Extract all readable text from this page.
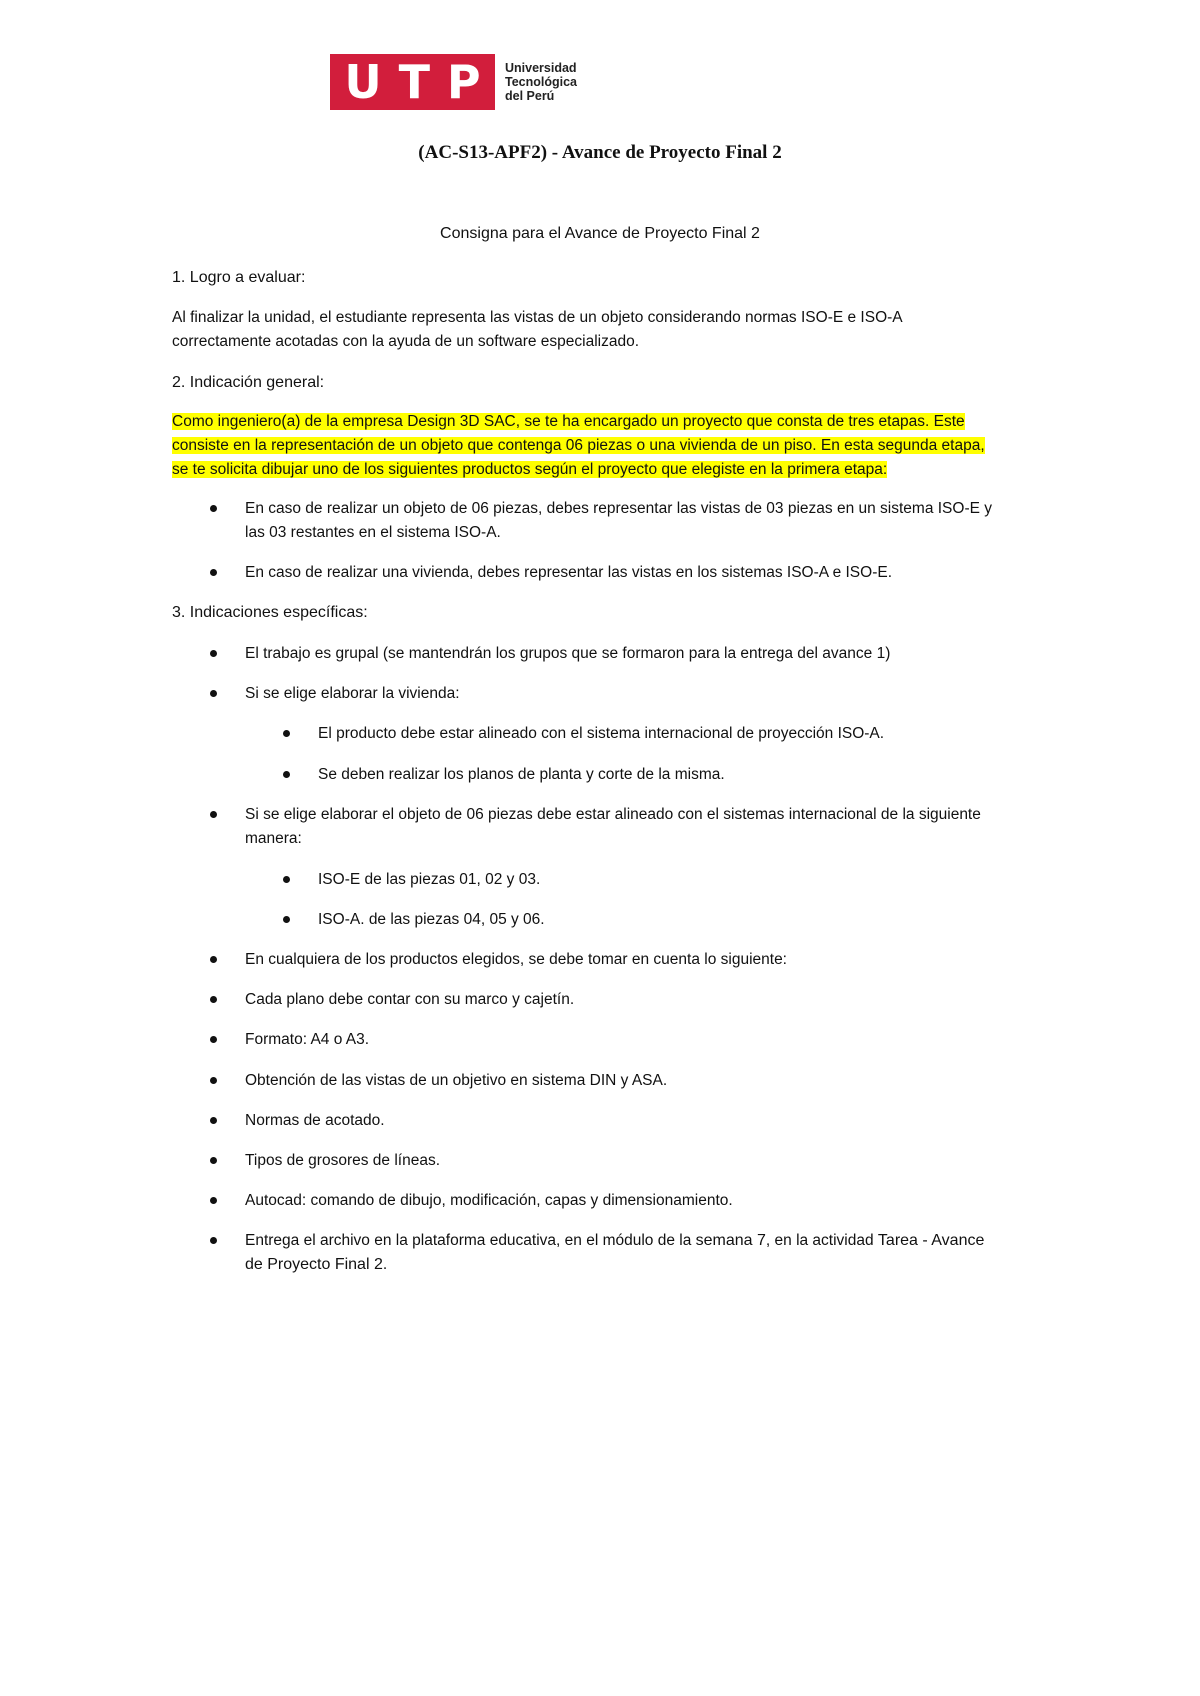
U T P Universidad
Tecnológica
del Perú
(AC-S13-APF2) - Avance de Proyecto Final 2
Consigna para el Avance de Proyecto Final 2
1. Logro a evaluar:
Al finalizar la unidad, el estudiante representa las vistas de un objeto considerando normas ISO-E e ISO-A
correctamente acotadas con la ayuda de un software especializado.
2. Indicación general:
Como ingeniero(a) de la empresa Design 3D SAC, se te ha encargado un proyecto que consta de tres etapas. Este
consiste en la representación de un objeto que contenga 06 piezas o una vivienda de un piso. En esta segunda etapa,
se te solicita dibujar uno de los siguientes productos según el proyecto que elegiste en la primera etapa:
En caso de realizar un objeto de 06 piezas, debes representar las vistas de 03 piezas en un sistema ISO-E y
las 03 restantes en el sistema ISO-A.
En caso de realizar una vivienda, debes representar las vistas en los sistemas ISO-A e ISO-E.
3. Indicaciones específicas:
El trabajo es grupal (se mantendrán los grupos que se formaron para la entrega del avance 1)
Si se elige elaborar la vivienda:
El producto debe estar alineado con el sistema internacional de proyección ISO-A.
Se deben realizar los planos de planta y corte de la misma.
Si se elige elaborar el objeto de 06 piezas debe estar alineado con el sistemas internacional de la siguiente
manera:
ISO-E de las piezas 01, 02 y 03.
ISO-A. de las piezas 04, 05 y 06.
En cualquiera de los productos elegidos, se debe tomar en cuenta lo siguiente:
Cada plano debe contar con su marco y cajetín.
Formato: A4 o A3.
Obtención de las vistas de un objetivo en sistema DIN y ASA.
Normas de acotado.
Tipos de grosores de líneas.
Autocad: comando de dibujo, modificación, capas y dimensionamiento.
Entrega el archivo en la plataforma educativa, en el módulo de la semana 7, en la actividad Tarea - Avance
de Proyecto Final 2.
